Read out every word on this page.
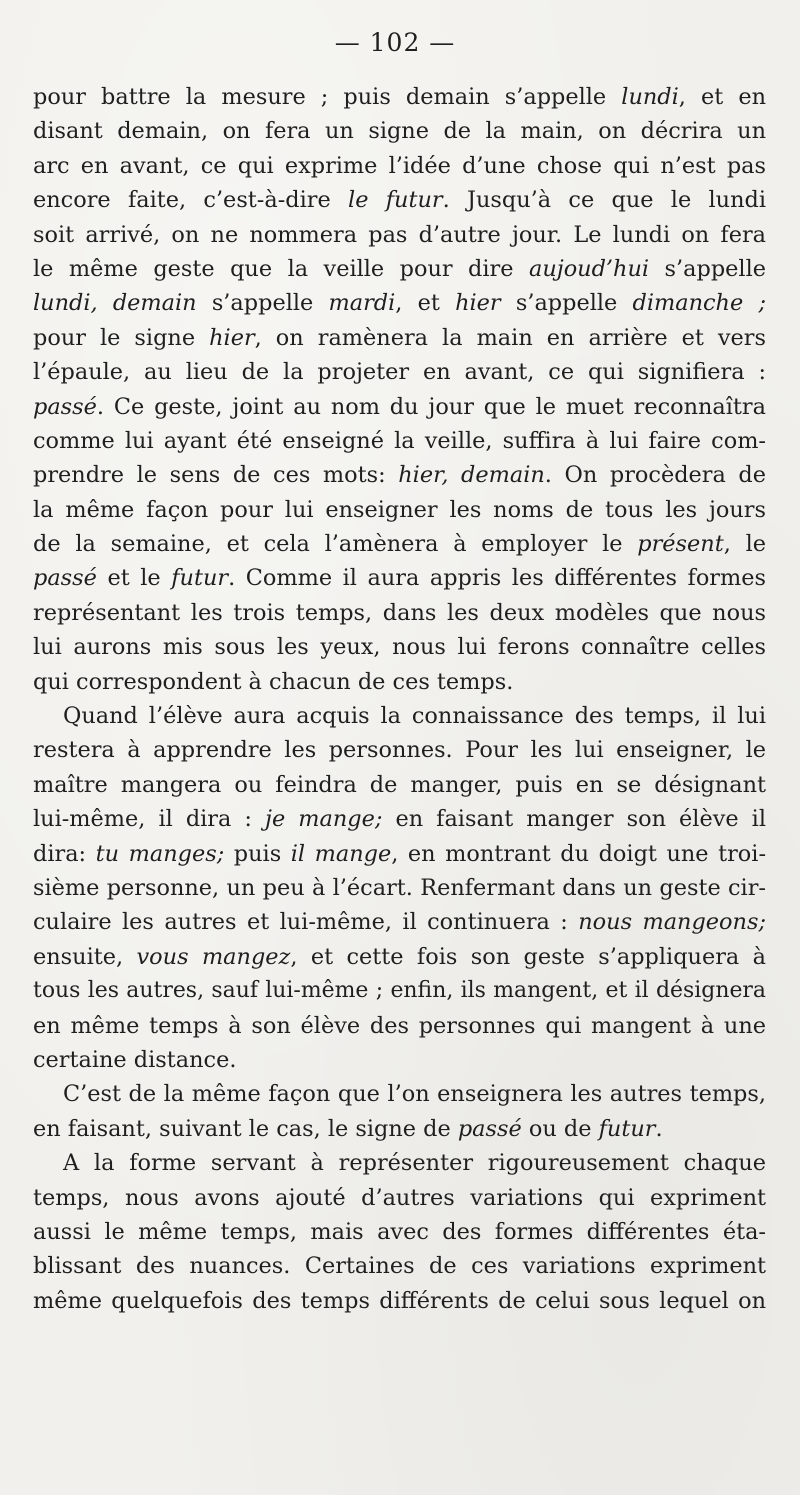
— 102 —
pour battre la mesure ; puis demain s’appelle lundi, et en
disant demain, on fera un signe de la main, on décrira un
arc en avant, ce qui exprime l’idée d’une chose qui n’est pas
encore faite, c’est-à-dire le futur. Jusqu’à ce que le lundi
soit arrivé, on ne nommera pas d’autre jour. Le lundi on fera
le même geste que la veille pour dire aujoud’hui s’appelle
lundi, demain s’appelle mardi, et hier s’appelle dimanche ;
pour le signe hier, on ramènera la main en arrière et vers
l’épaule, au lieu de la projeter en avant, ce qui signifiera :
passé. Ce geste, joint au nom du jour que le muet reconnaîtra
comme lui ayant été enseigné la veille, suffira à lui faire com-
prendre le sens de ces mots: hier, demain. On procèdera de
la même façon pour lui enseigner les noms de tous les jours
de la semaine, et cela l’amènera à employer le présent, le
passé et le futur. Comme il aura appris les différentes formes
représentant les trois temps, dans les deux modèles que nous
lui aurons mis sous les yeux, nous lui ferons connaître celles
qui correspondent à chacun de ces temps.
Quand l’élève aura acquis la connaissance des temps, il lui
restera à apprendre les personnes. Pour les lui enseigner, le
maître mangera ou feindra de manger, puis en se désignant
lui-même, il dira : je mange; en faisant manger son élève il
dira: tu manges; puis il mange, en montrant du doigt une troi-
sième personne, un peu à l’écart. Renfermant dans un geste cir-
culaire les autres et lui-même, il continuera : nous mangeons;
ensuite, vous mangez, et cette fois son geste s’appliquera à
tous les autres, sauf lui-même ; enfin, ils mangent, et il désignera
en même temps à son élève des personnes qui mangent à une
certaine distance.
C’est de la même façon que l’on enseignera les autres temps,
en faisant, suivant le cas, le signe de passé ou de futur.
A la forme servant à représenter rigoureusement chaque
temps, nous avons ajouté d’autres variations qui expriment
aussi le même temps, mais avec des formes différentes éta-
blissant des nuances. Certaines de ces variations expriment
même quelquefois des temps différents de celui sous lequel on
